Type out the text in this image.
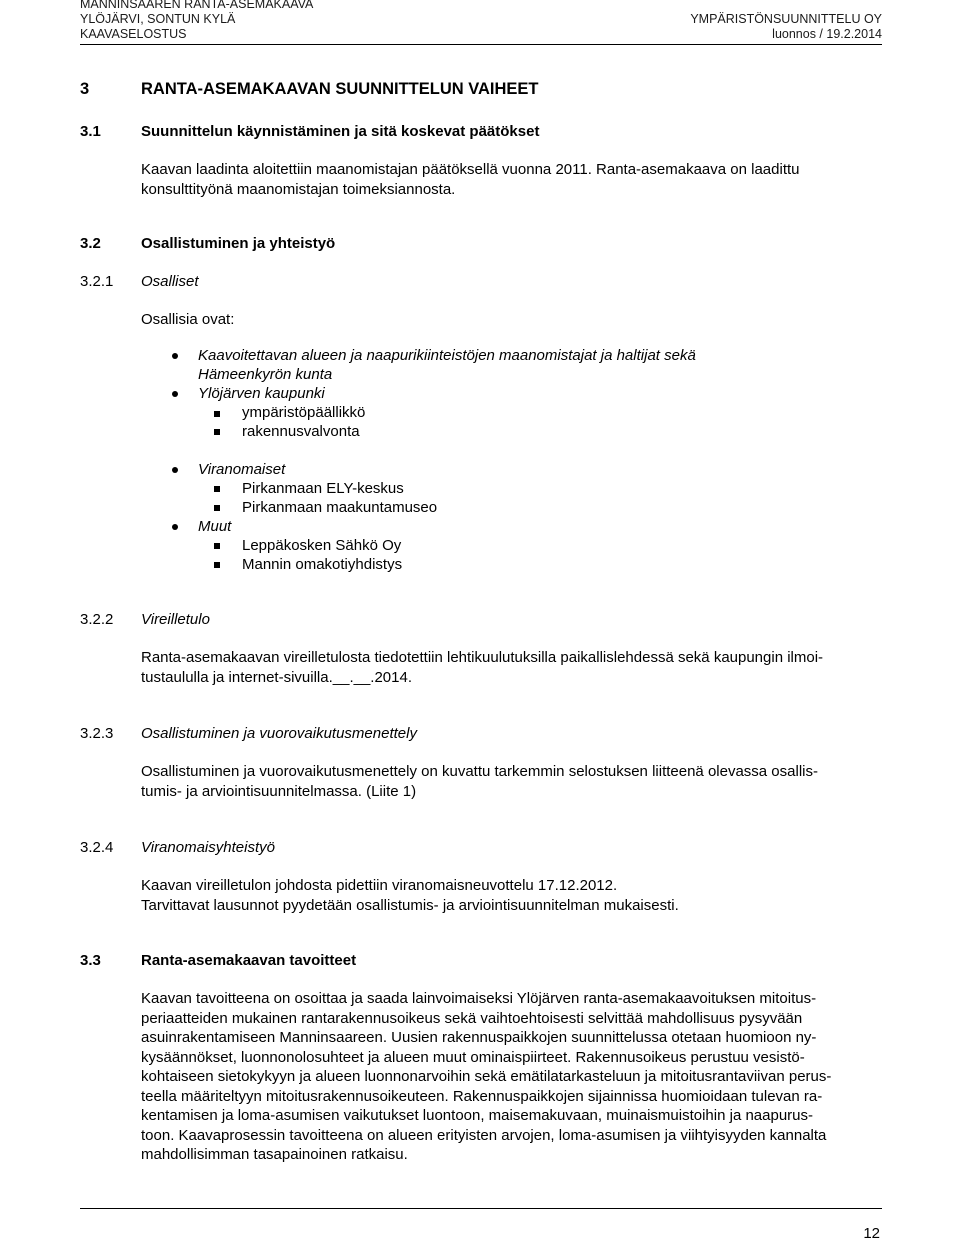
MANNINSAAREN RANTA-ASEMAKAAVA
YLÖJÄRVI, SONTUN KYLÄ
KAAVASELOSTUS
YMPÄRISTÖNSUUNNITTELU OY
luonnos / 19.2.2014
3	RANTA-ASEMAKAAVAN SUUNNITTELUN VAIHEET
3.1	Suunnittelun käynnistäminen ja sitä koskevat päätökset
Kaavan laadinta aloitettiin maanomistajan päätöksellä vuonna 2011. Ranta-asemakaava on laadittu
konsulttityönä maanomistajan toimeksiannosta.
3.2	Osallistuminen ja yhteistyö
3.2.1 Osalliset
Osallisia ovat:
Kaavoitettavan alueen ja naapurikiinteistöjen maanomistajat ja haltijat sekä
Hämeenkyrön kunta
Ylöjärven kaupunki
ympäristöpäällikkö
rakennusvalvonta
Viranomaiset
Pirkanmaan ELY-keskus
Pirkanmaan maakuntamuseo
Muut
Leppäkosken Sähkö Oy
Mannin omakotiyhdistys
3.2.2 Vireilletulo
Ranta-asemakaavan vireilletulosta tiedotettiin lehtikuulutuksilla paikallislehdessä sekä kaupungin ilmoi-
tustaululla ja internet-sivuilla.__.__.2014.
3.2.3 Osallistuminen ja vuorovaikutusmenettely
Osallistuminen ja vuorovaikutusmenettely on kuvattu tarkemmin selostuksen liitteenä olevassa osallis-
tumis- ja arviointisuunnitelmassa. (Liite 1)
3.2.4 Viranomaisyhteistyö
Kaavan vireilletulon johdosta pidettiin viranomaisneuvottelu 17.12.2012.
Tarvittavat lausunnot pyydetään osallistumis- ja arviointisuunnitelman mukaisesti.
3.3	Ranta-asemakaavan tavoitteet
Kaavan tavoitteena on osoittaa ja saada lainvoimaiseksi Ylöjärven ranta-asemakaavoituksen mitoitus-
periaatteiden mukainen rantarakennusoikeus sekä vaihtoehtoisesti selvittää mahdollisuus pysyvään
asuinrakentamiseen Manninsaareen. Uusien rakennuspaikkojen suunnittelussa otetaan huomioon ny-
kysäännökset, luonnonolosuhteet ja alueen muut ominaispiirteet. Rakennusoikeus perustuu vesistö-
kohtaiseen sietokykyyn ja alueen luonnonarvoihin sekä emätilatarkasteluun ja mitoitusrantaviivan perus-
teella määriteltyyn mitoitusrakennusoikeuteen. Rakennuspaikkojen sijainnissa huomioidaan tulevan ra-
kentamisen ja loma-asumisen vaikutukset luontoon, maisemakuvaan, muinaismuistoihin ja naapurus-
toon. Kaavaprosessin tavoitteena on alueen erityisten arvojen, loma-asumisen ja viihtyisyyden kannalta
mahdollisimman tasapainoinen ratkaisu.
12
